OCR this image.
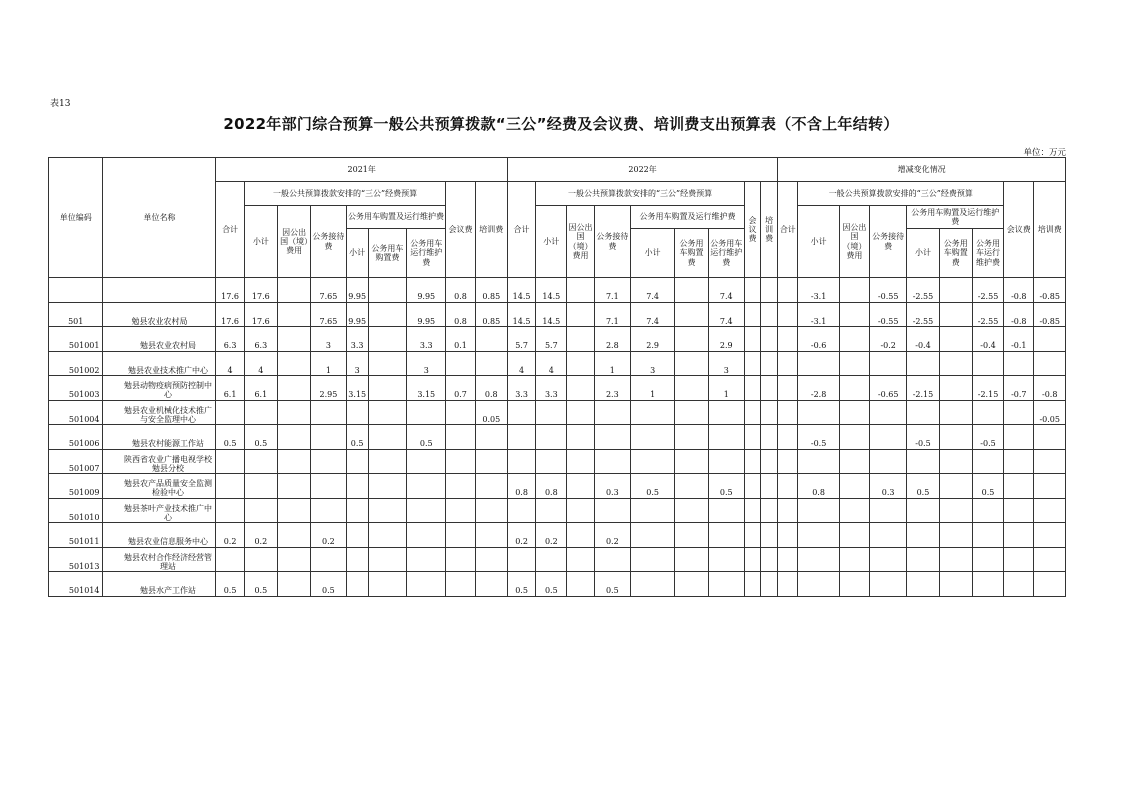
表13
2022年部门综合预算一般公共预算拨款“三公”经费及会议费、培训费支出预算表（不含上年结转）
单位：万元
单位编码	单位名称	2021年									2022年									增减变化情况								
		合计	一般公共预算拨款安排的“三公”经费预算						会议费	培训费	合计	一般公共预算拨款安排的“三公”经费预算						会议费	培训费	合计	一般公共预算拨款安排的“三公”经费预算						会议费	培训费
			小计	因公出国（境）费用	公务接待费	公务用车购置及运行维护费						小计	因公出国（境）费用	公务接待费	公务用车购置及运行维护费						小计	因公出国（境）费用	公务接待费	公务用车购置及运行维护费				
						小计	公务用车购置费	公务用车运行维护费							小计	公务用车购置费	公务用车运行维护费							小计	公务用车购置费	公务用车运行维护费		
		17.6	17.6		7.65	9.95		9.95	0.8	0.85	14.5	14.5		7.1	7.4		7.4				-3.1		-0.55	-2.55		-2.55	-0.8	-0.85
501	勉县农业农村局	17.6	17.6		7.65	9.95		9.95	0.8	0.85	14.5	14.5		7.1	7.4		7.4				-3.1		-0.55	-2.55		-2.55	-0.8	-0.85
501001	勉县农业农村局	6.3	6.3		3	3.3		3.3	0.1		5.7	5.7		2.8	2.9		2.9				-0.6		-0.2	-0.4		-0.4	-0.1	
501002	勉县农业技术推广中心	4	4		1	3		3			4	4		1	3		3											
501003	勉县动物疫病预防控制中心	6.1	6.1		2.95	3.15		3.15	0.7	0.8	3.3	3.3		2.3	1		1				-2.8		-0.65	-2.15		-2.15	-0.7	-0.8
501004	勉县农业机械化技术推广与安全监理中心									0.05																		-0.05
501006	勉县农村能源工作站	0.5	0.5			0.5		0.5													-0.5			-0.5		-0.5		
501007	陕西省农业广播电视学校勉县分校																											
501009	勉县农产品质量安全监测检验中心										0.8	0.8		0.3	0.5		0.5				0.8		0.3	0.5		0.5		
501010	勉县茶叶产业技术推广中心																											
501011	勉县农业信息服务中心	0.2	0.2		0.2						0.2	0.2		0.2														
501013	勉县农村合作经济经营管理站																											
501014	勉县水产工作站	0.5	0.5		0.5						0.5	0.5		0.5														
